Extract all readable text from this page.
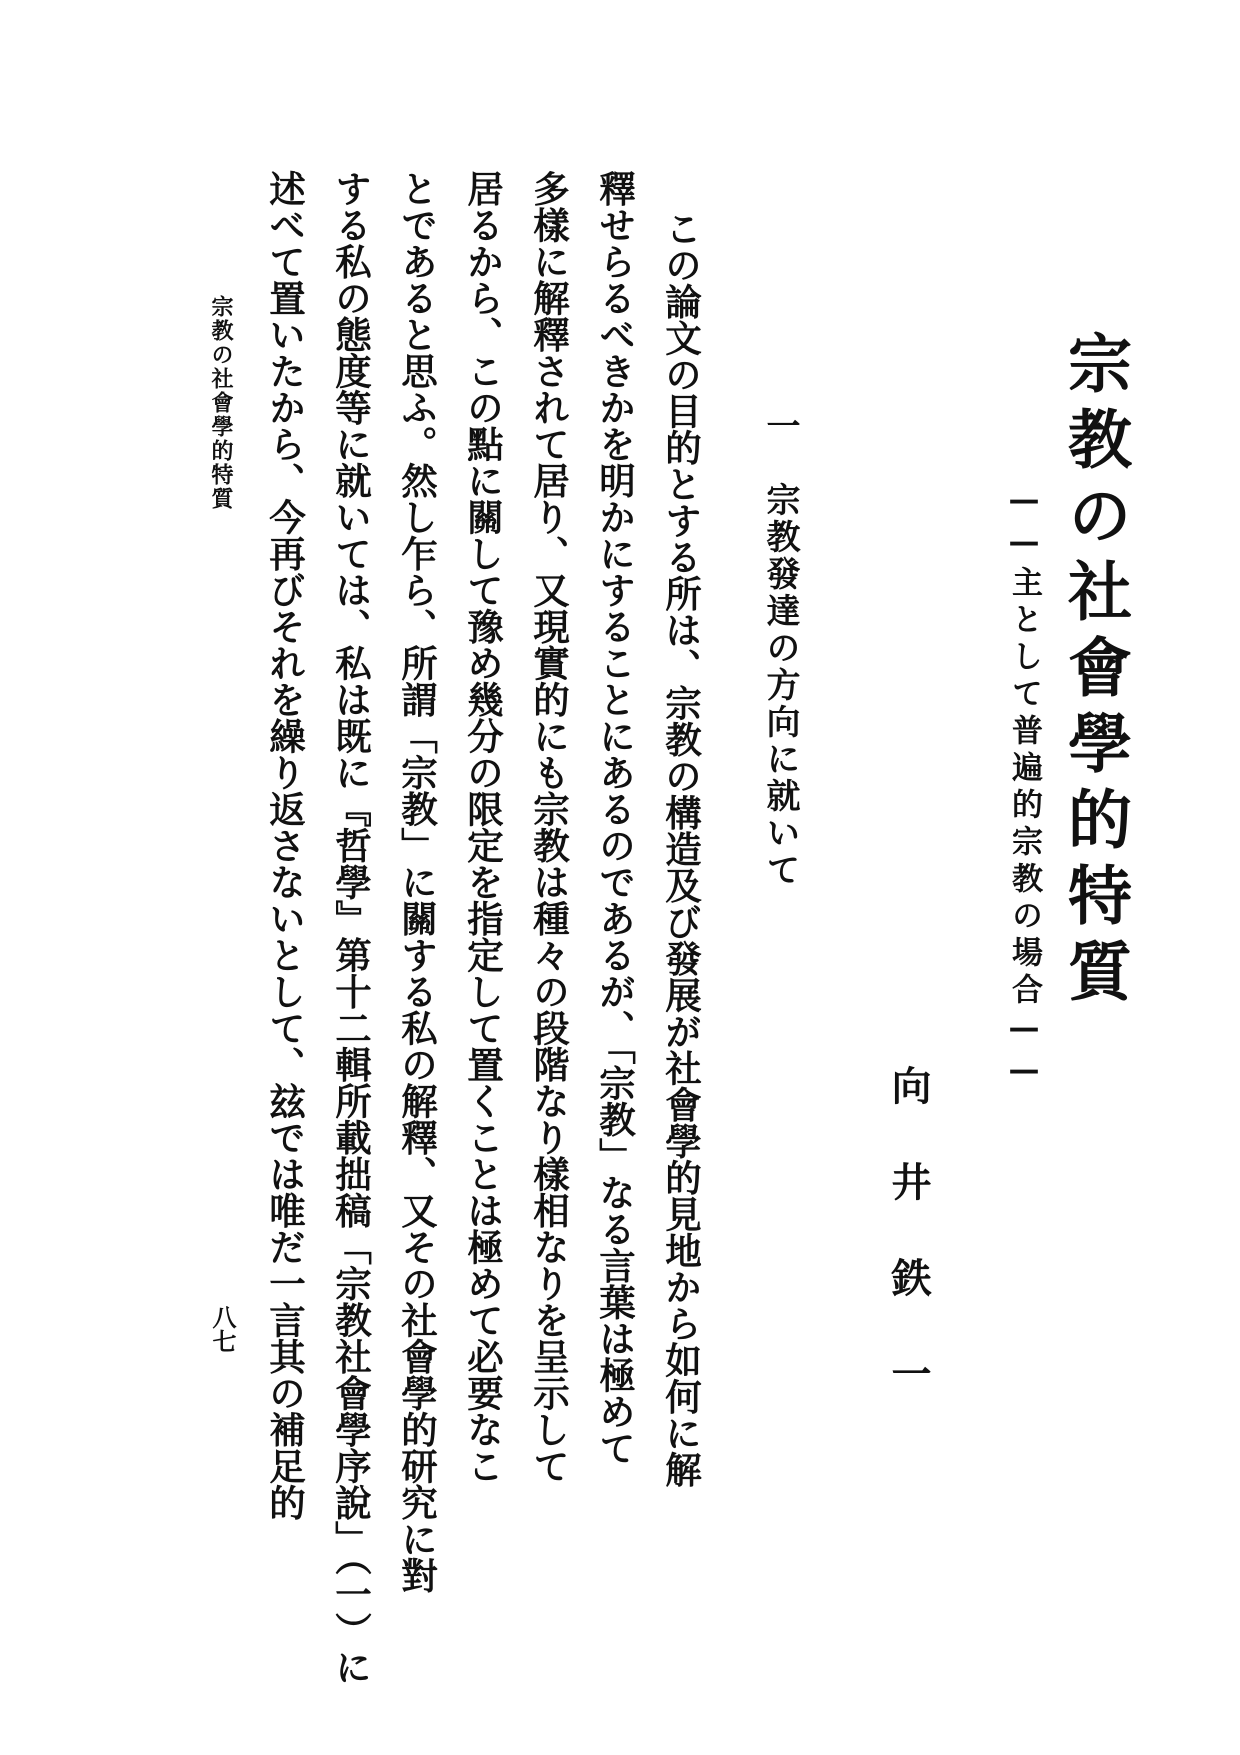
宗教の社會學的特質
——主として普遍的宗教の場合——
向井鉄一
一　宗教發達の方向に就いて
この論文の目的とする所は、宗教の構造及び發展が社會學的見地から如何に解
釋せらるべきかを明かにすることにあるのであるが、「宗教」なる言葉は極めて
多樣に解釋されて居り、又現實的にも宗教は種々の段階なり樣相なりを呈示して
居るから、この點に關して豫め幾分の限定を指定して置くことは極めて必要なこ
とであると思ふ。然し乍ら、所謂「宗教」に關する私の解釋、又その社會學的研究に對
する私の態度等に就いては、私は既に『哲學』第十二輯所載拙稿「宗教社會學序說」（一）に
述べて置いたから、今再びそれを繰り返さないとして、玆では唯だ一言其の補足的
宗教の社會學的特質
八七
